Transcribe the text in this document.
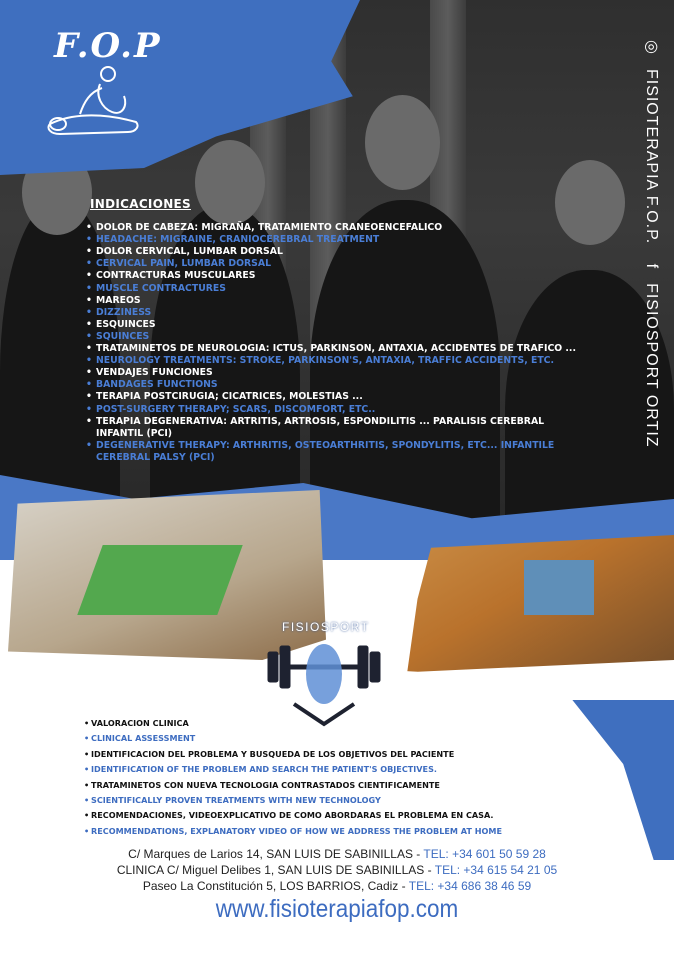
F.O.P	◎FISIOTERAPIA F.O.P. fFISIOSPORT ORTIZ
INDICACIONES
• DOLOR DE CABEZA: MIGRAÑA, TRATAMIENTO CRANEOENCEFALICO
• HEADACHE: MIGRAINE, CRANIOCEREBRAL TREATMENT
• DOLOR CERVICAL, LUMBAR DORSAL
• CERVICAL PAIN, LUMBAR DORSAL
• CONTRACTURAS MUSCULARES
• MUSCLE CONTRACTURES
• MAREOS
• DIZZINESS
• ESQUINCES
• SQUINCES
• TRATAMINETOS DE NEUROLOGIA: ICTUS, PARKINSON, ANTAXIA, ACCIDENTES DE TRAFICO ...
• NEUROLOGY TREATMENTS: STROKE, PARKINSON'S, ANTAXIA, TRAFFIC ACCIDENTS, ETC.
• VENDAJES FUNCIONES
• BANDAGES FUNCTIONS
• TERAPIA POSTCIRUGIA; CICATRICES, MOLESTIAS ...
• POST-SURGERY THERAPY; SCARS, DISCOMFORT, ETC..
• TERAPIA DEGENERATIVA: ARTRITIS, ARTROSIS, ESPONDILITIS ... PARALISIS CEREBRAL INFANTIL (PCI)
• DEGENERATIVE THERAPY: ARTHRITIS, OSTEOARTHRITIS, SPONDYLITIS, ETC... INFANTILE CEREBRAL PALSY (PCI)
FISIOSPORT
• VALORACION CLINICA
• CLINICAL ASSESSMENT
• IDENTIFICACION DEL PROBLEMA Y BUSQUEDA DE LOS OBJETIVOS DEL PACIENTE
• IDENTIFICATION OF THE PROBLEM AND SEARCH THE PATIENT'S OBJECTIVES.
• TRATAMINETOS CON NUEVA TECNOLOGIA CONTRASTADOS CIENTIFICAMENTE
• SCIENTIFICALLY PROVEN TREATMENTS WITH NEW TECHNOLOGY
• RECOMENDACIONES, VIDEOEXPLICATIVO DE COMO ABORDARAS EL PROBLEMA EN CASA.
• RECOMMENDATIONS, EXPLANATORY VIDEO OF HOW WE ADDRESS THE PROBLEM AT HOME
C/ Marques de Larios 14, SAN LUIS DE SABINILLAS - TEL: +34 601 50 59 28
CLINICA C/ Miguel Delibes 1, SAN LUIS DE SABINILLAS - TEL: +34 615 54 21 05
Paseo La Constitución 5, LOS BARRIOS, Cadiz - TEL: +34 686 38 46 59
www.fisioterapiafop.com
